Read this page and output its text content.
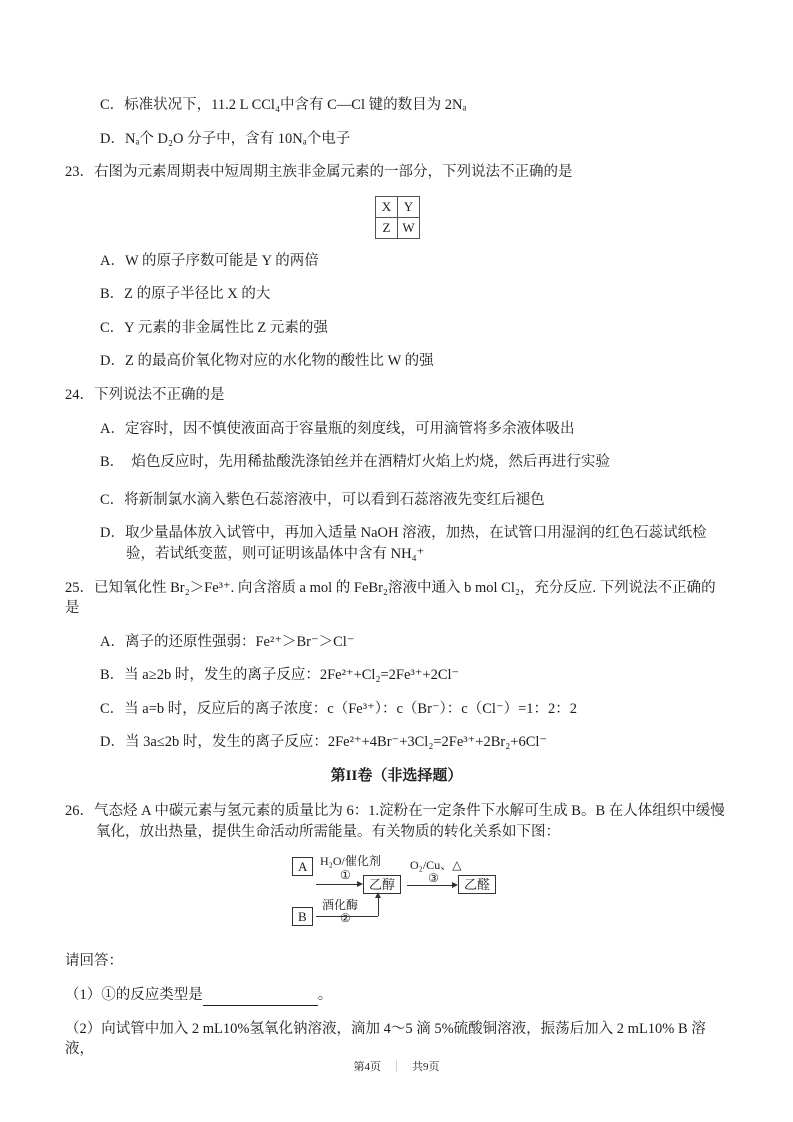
C．标准状况下，11.2 L CCl₄中含有 C—Cl 键的数目为 2Nₐ

D．Nₐ个 D₂O 分子中，含有 10Nₐ个电子

23．右图为元素周期表中短周期主族非金属元素的一部分，下列说法不正确的是

X	Y
Z	W

A．W 的原子序数可能是 Y 的两倍

B．Z 的原子半径比 X 的大

C．Y 元素的非金属性比 Z 元素的强

D．Z 的最高价氧化物对应的水化物的酸性比 W 的强

24．下列说法不正确的是

A．定容时，因不慎使液面高于容量瓶的刻度线，可用滴管将多余液体吸出

B．　焰色反应时，先用稀盐酸洗涤铂丝并在酒精灯火焰上灼烧，然后再进行实验

C．将新制氯水滴入紫色石蕊溶液中，可以看到石蕊溶液先变红后褪色

D．取少量晶体放入试管中，再加入适量 NaOH 溶液，加热，在试管口用湿润的红色石蕊试纸检验，若试纸变蓝，则可证明该晶体中含有 NH₄⁺

25．已知氧化性 Br₂＞Fe³⁺. 向含溶质 a mol 的 FeBr₂溶液中通入 b mol Cl₂，充分反应. 下列说法不正确的是

A．离子的还原性强弱：Fe²⁺＞Br⁻＞Cl⁻

B．当 a≥2b 时，发生的离子反应：2Fe²⁺+Cl₂=2Fe³⁺+2Cl⁻

C．当 a=b 时，反应后的离子浓度：c（Fe³⁺）：c（Br⁻）：c（Cl⁻）=1：2：2

D．当 3a≤2b 时，发生的离子反应：2Fe²⁺+4Br⁻+3Cl₂=2Fe³⁺+2Br₂+6Cl⁻

第II卷（非选择题）

26．气态烃 A 中碳元素与氢元素的质量比为 6：1.淀粉在一定条件下水解可生成 B。B 在人体组织中缓慢氧化，放出热量，提供生命活动所需能量。有关物质的转化关系如下图：

A	H₂O/催化剂
①
乙醇
O₂/Cu、△
③	乙醛
B
酒化酶
②

请回答：

（1）①的反应类型是	。

（2）向试管中加入 2 mL10%氢氧化钠溶液，滴加 4～5 滴 5%硫酸铜溶液，振荡后加入 2 mL10% B 溶液，

第4页 ｜ 共9页
